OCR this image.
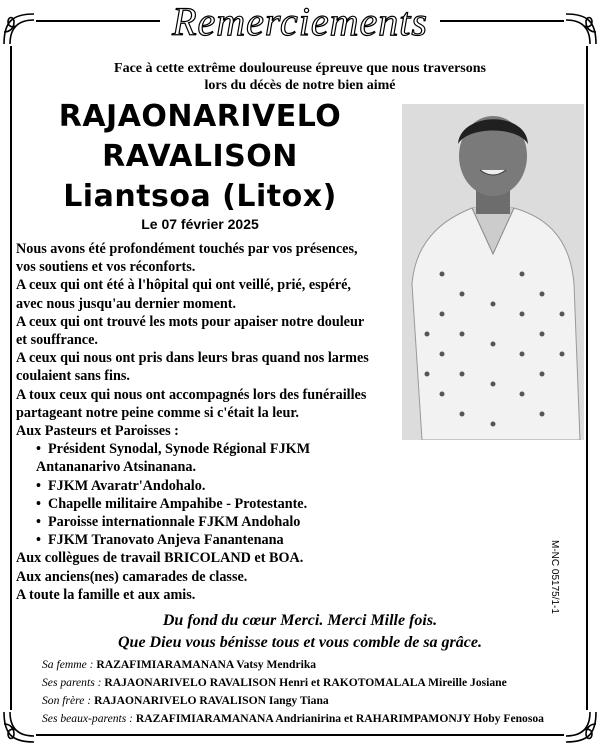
Remerciements
Face à cette extrême douloureuse épreuve que nous traversons
lors du décès de notre bien aimé
RAJAONARIVELO
RAVALISON
Liantsoa (Litox)
Le 07 février 2025
M-NC 05175/1-1

Nous avons été profondément touchés par vos présences,

vos soutiens et vos réconforts.

A ceux qui ont été à l'hôpital qui ont veillé, prié, espéré,

avec nous jusqu'au dernier moment.

A ceux qui ont trouvé les mots pour apaiser notre douleur

et souffrance.

A ceux qui nous ont pris dans leurs bras quand nos larmes

coulaient sans fins.

A toux ceux qui nous ont accompagnés lors des funérailles

partageant notre peine comme si c'était la leur.

Aux Pasteurs et Paroisses :

• Président Synodal, Synode Régional FJKM
Antananarivo Atsinanana.
• FJKM Avaratr'Andohalo.
• Chapelle militaire Ampahibe - Protestante.
• Paroisse internationnale FJKM Andohalo
• FJKM Tranovato Anjeva Fanantenana

Aux collègues de travail BRICOLAND et BOA.

Aux anciens(nes) camarades de classe.

A toute la famille et aux amis.

Du fond du cœur Merci. Merci Mille fois.
Que Dieu vous bénisse tous et vous comble de sa grâce.
Sa femme : RAZAFIMIARAMANANA Vatsy Mendrika
Ses parents : RAJAONARIVELO RAVALISON Henri et RAKOTOMALALA Mireille Josiane
Son frère : RAJAONARIVELO RAVALISON Iangy Tiana
Ses beaux-parents : RAZAFIMIARAMANANA Andrianirina et RAHARIMPAMONJY Hoby Fenosoa
